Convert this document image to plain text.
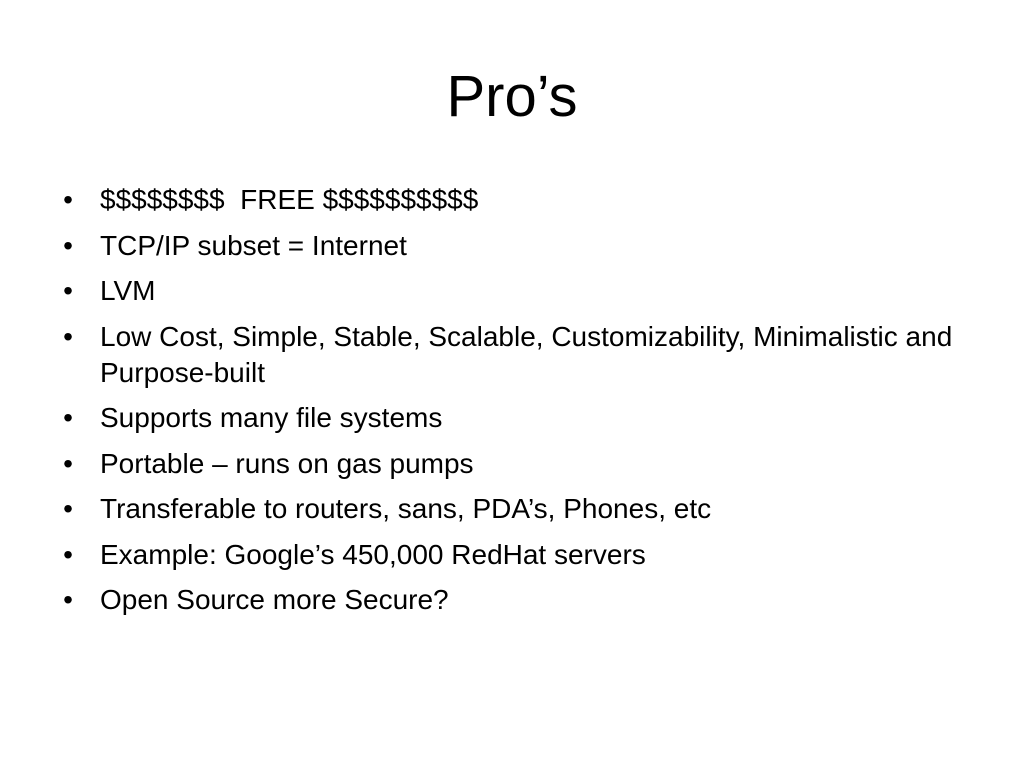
Pro’s
• $$$$$$$$  FREE $$$$$$$$$$
• TCP/IP subset = Internet
• LVM
• Low Cost, Simple, Stable, Scalable, Customizability, Minimalistic and Purpose-built
• Supports many file systems
• Portable – runs on gas pumps
• Transferable to routers, sans, PDA’s, Phones, etc
• Example: Google’s 450,000 RedHat servers
• Open Source more Secure?
